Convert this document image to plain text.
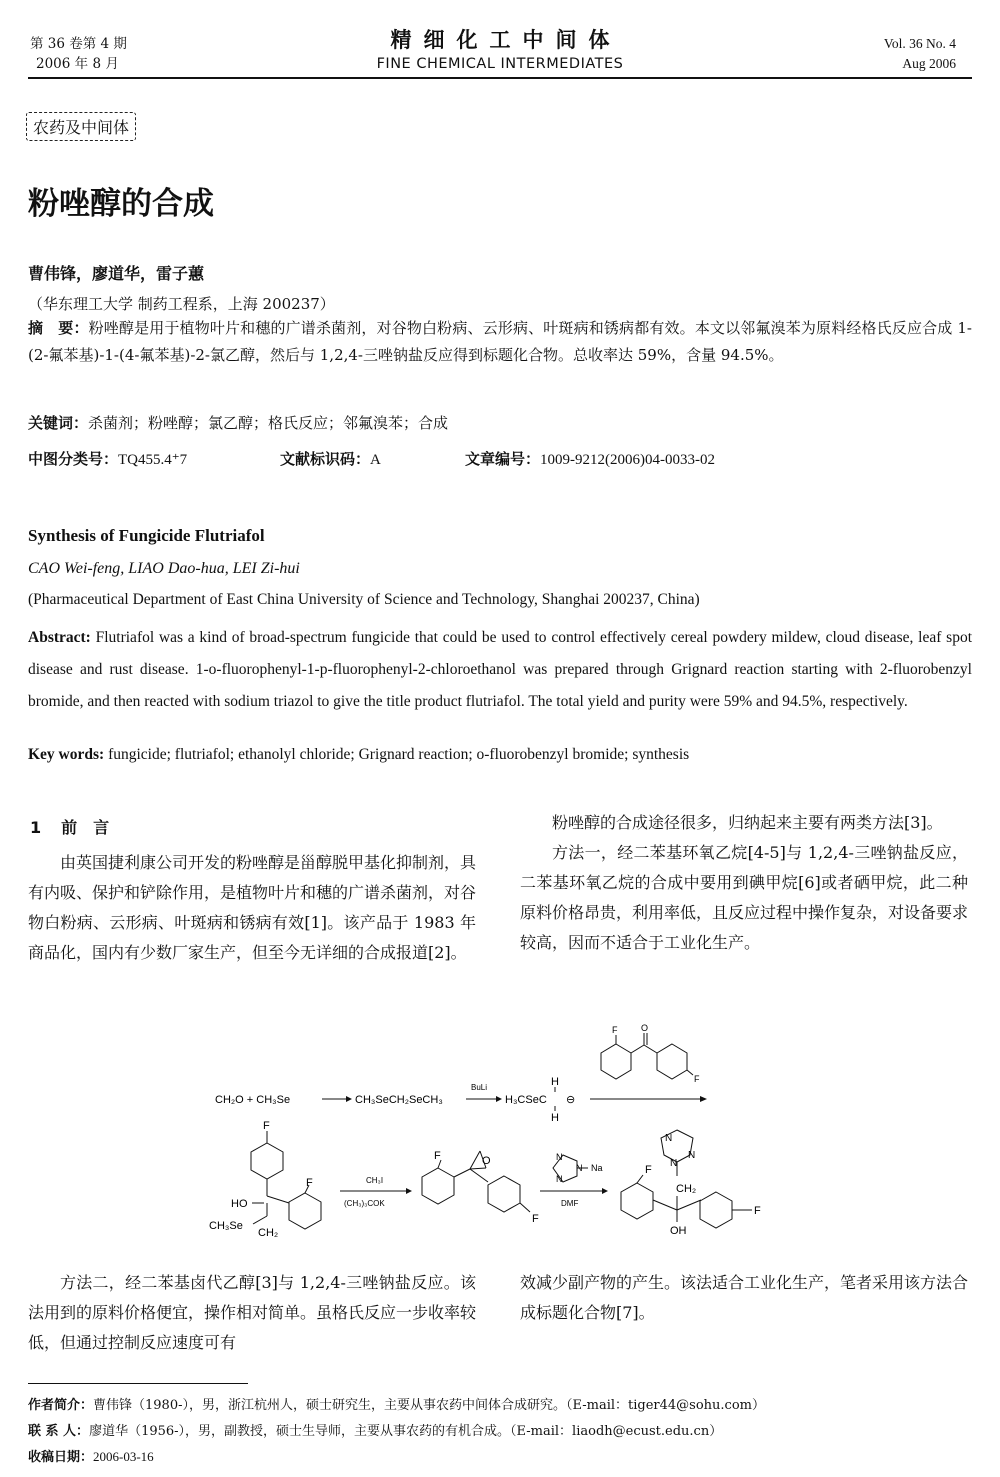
第 36 卷第 4 期
2006 年 8 月
精细化工中间体
FINE CHEMICAL INTERMEDIATES
Vol. 36 No. 4
Aug 2006
农药及中间体
粉唑醇的合成
曹伟锋，廖道华，雷子蕙
（华东理工大学 制药工程系，上海 200237）
摘　要：粉唑醇是用于植物叶片和穗的广谱杀菌剂，对谷物白粉病、云形病、叶斑病和锈病都有效。本文以邻氟溴苯为原料经格氏反应合成 1-(2-氟苯基)-1-(4-氟苯基)-2-氯乙醇，然后与 1,2,4-三唑钠盐反应得到标题化合物。总收率达 59%，含量 94.5%。
关键词：杀菌剂；粉唑醇；氯乙醇；格氏反应；邻氟溴苯；合成
中图分类号：TQ455.4⁺7	文献标识码：A	文章编号：1009-9212(2006)04-0033-02
Synthesis of Fungicide Flutriafol
CAO Wei-feng, LIAO Dao-hua, LEI Zi-hui
(Pharmaceutical Department of East China University of Science and Technology, Shanghai 200237, China)
Abstract: Flutriafol was a kind of broad-spectrum fungicide that could be used to control effectively cereal powdery mildew, cloud disease, leaf spot disease and rust disease. 1-o-fluorophenyl-1-p-fluorophenyl-2-chloroethanol was prepared through Grignard reaction starting with 2-fluorobenzyl bromide, and then reacted with sodium triazol to give the title product flutriafol. The total yield and purity were 59% and 94.5%, respectively.
Key words: fungicide; flutriafol; ethanolyl chloride; Grignard reaction; o-fluorobenzyl bromide; synthesis
1 前　言

由英国捷利康公司开发的粉唑醇是甾醇脱甲基化抑制剂，具有内吸、保护和铲除作用，是植物叶片和穗的广谱杀菌剂，对谷物白粉病、云形病、叶斑病和锈病有效[1]。该产品于 1983 年商品化，国内有少数厂家生产，但至今无详细的合成报道[2]。

粉唑醇的合成途径很多，归纳起来主要有两类方法[3]。

方法一，经二苯基环氧乙烷[4-5]与 1,2,4-三唑钠盐反应，二苯基环氧乙烷的合成中要用到碘甲烷[6]或者硒甲烷，此二种原料价格昂贵，利用率低，且反应过程中操作复杂，对设备要求较高，因而不适合于工业化生产。

CH₂O + CH₃Se	CH₃SeCH₂SeCH₃
BuLi
H₃CSeC ⊖
H
H
F	O
F
F
F
HO
CH₃Se
CH₂
CH₃I
(CH₃)₃COK
F	O
F
N
N
N
Na
DMF
N
N
N
CH₂
F
F
OH

方法二，经二苯基卤代乙醇[3]与 1,2,4-三唑钠盐反应。该法用到的原料价格便宜，操作相对简单。虽格氏反应一步收率较低，但通过控制反应速度可有

效减少副产物的产生。该法适合工业化生产，笔者采用该方法合成标题化合物[7]。

作者简介：曹伟锋（1980-），男，浙江杭州人，硕士研究生，主要从事农药中间体合成研究。（E-mail：tiger44@sohu.com）
联 系 人：廖道华（1956-），男，副教授，硕士生导师，主要从事农药的有机合成。（E-mail：liaodh@ecust.edu.cn）
收稿日期：2006-03-16
